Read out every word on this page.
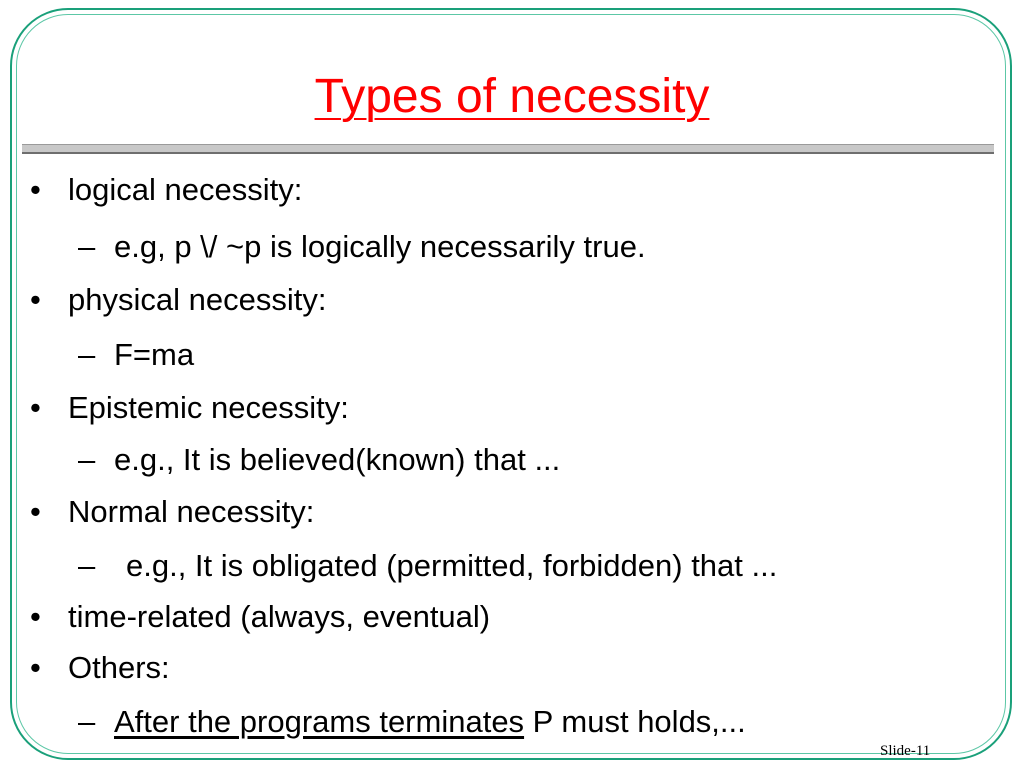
Types of necessity
• logical necessity:
– e.g, p \/ ~p is logically necessarily true.
• physical necessity:
– F=ma
• Epistemic necessity:
– e.g., It is believed(known) that ...
• Normal necessity:
– e.g., It is obligated (permitted, forbidden) that ...
• time-related (always, eventual)
• Others:
– After the programs terminates P must holds,...
Slide-11
